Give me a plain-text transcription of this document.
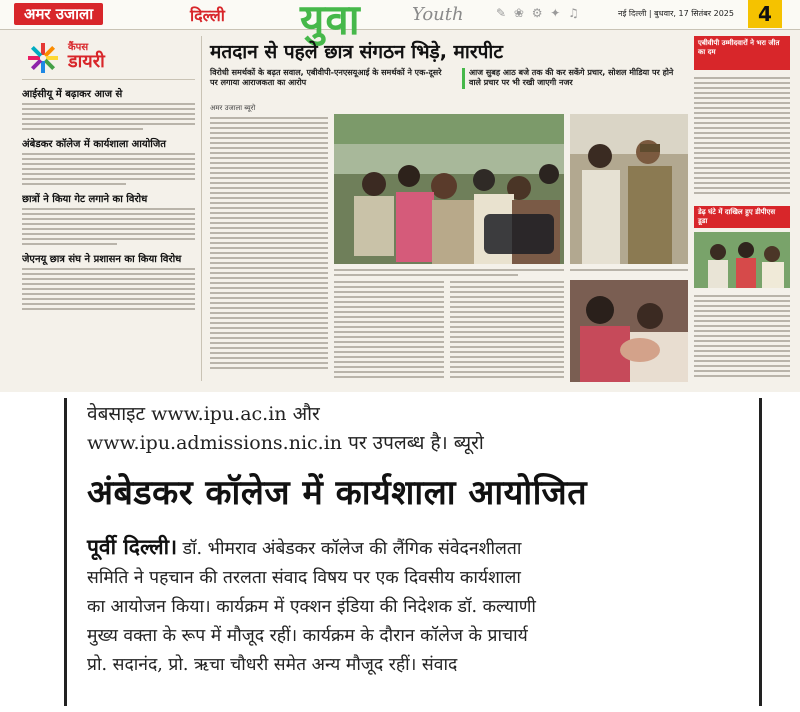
अमर उजाला	दिल्ली युवा	Youth	✎ ❀ ⚙ ✦ ♫	नई दिल्ली | बुधवार, 17 सितंबर 2025	4
कैंपस
डायरी
आईसीयू में बढ़ाकर आज से
अंबेडकर कॉलेज में कार्यशाला आयोजित
छात्रों ने किया गेट लगाने का विरोध
जेएनयू छात्र संघ ने प्रशासन का किया विरोध
मतदान से पहले छात्र संगठन भिड़े, मारपीट
विरोधी समर्थकों के बढ़त सवाल, एबीवीपी-एनएसयूआई के समर्थकों ने एक-दूसरे पर लगाया आराजकता का आरोप
आज सुबह आठ बजे तक की कर सकेंगे प्रचार, सोशल मीडिया पर होने वाले प्रचार पर भी रखी जाएगी नजर
अमर उजाला ब्यूरो
एबीवीपी उम्मीदवारों ने भरा जीत का दम
डेढ़ घंटे में दाखिल हुए डीपीएस डूडा
वेबसाइट www.ipu.ac.in और
www.ipu.admissions.nic.in पर उपलब्ध है। ब्यूरो
अंबेडकर कॉलेज में कार्यशाला आयोजित
पूर्वी दिल्ली। डॉ. भीमराव अंबेडकर कॉलेज की लैंगिक संवेदनशीलता
समिति ने पहचान की तरलता संवाद विषय पर एक दिवसीय कार्यशाला
का आयोजन किया। कार्यक्रम में एक्शन इंडिया की निदेशक डॉ. कल्याणी
मुख्य वक्ता के रूप में मौजूद रहीं। कार्यक्रम के दौरान कॉलेज के प्राचार्य
प्रो. सदानंद, प्रो. ऋचा चौधरी समेत अन्य मौजूद रहीं। संवाद
